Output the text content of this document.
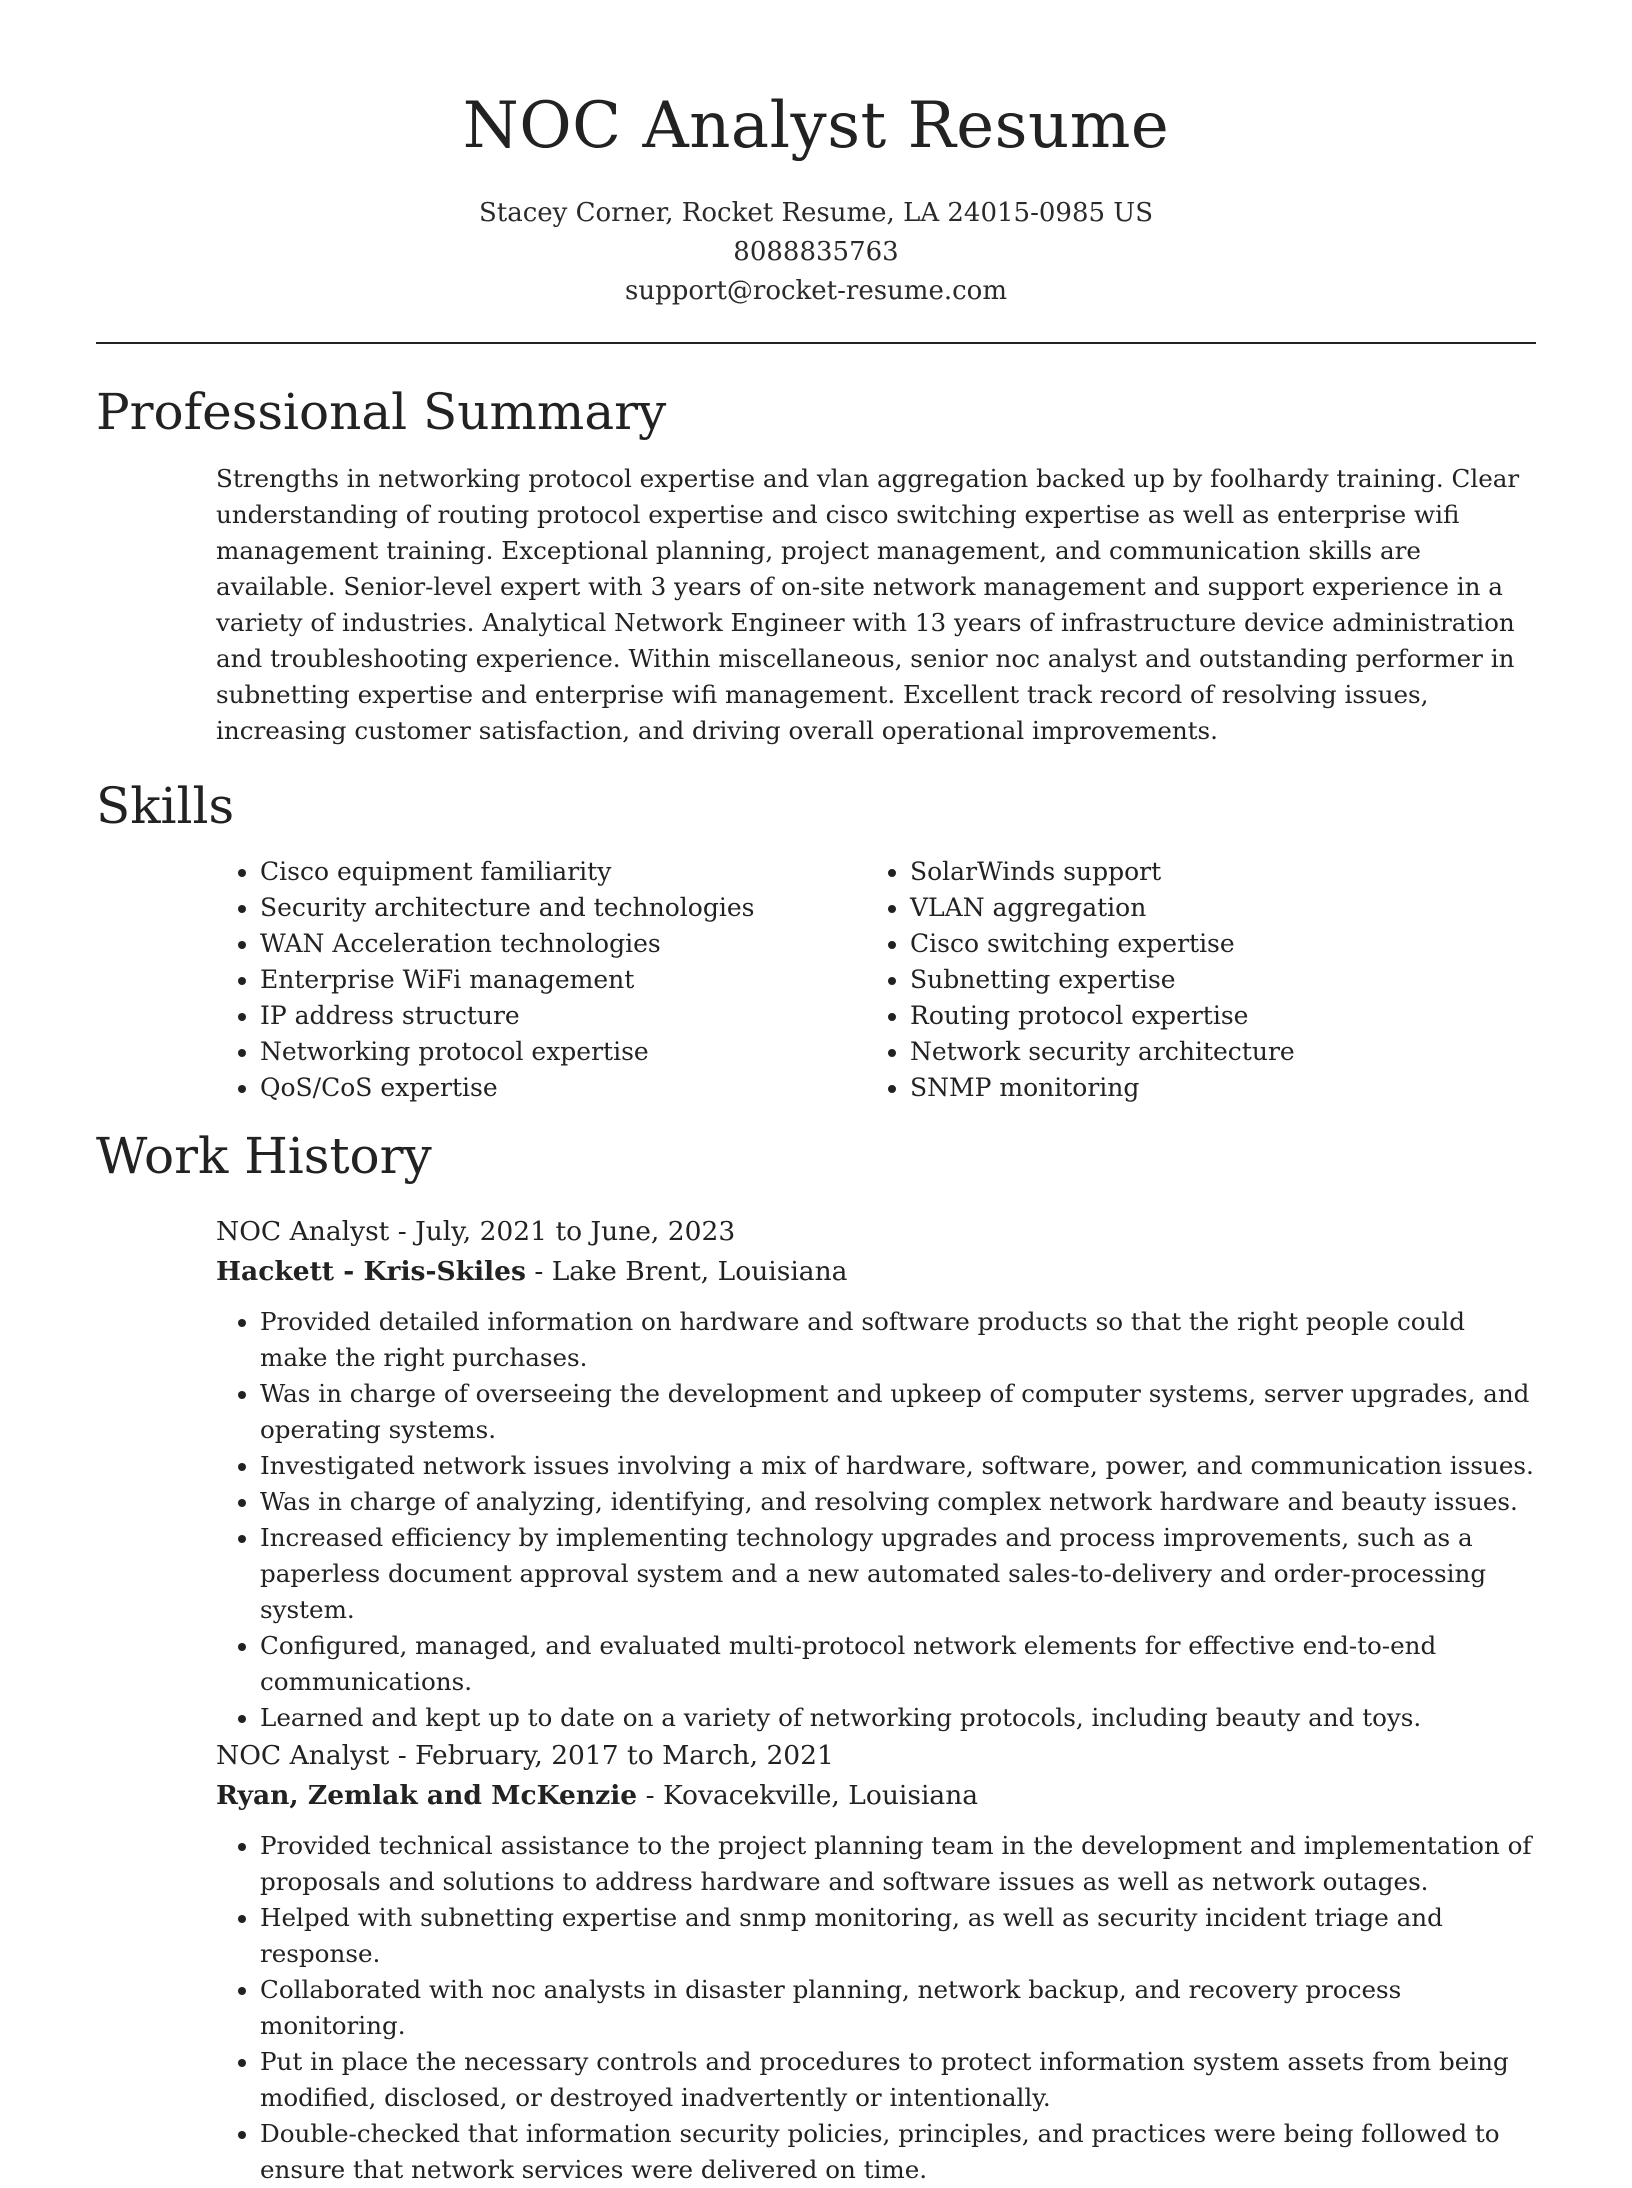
NOC Analyst Resume
Stacey Corner, Rocket Resume, LA 24015-0985 US
8088835763
support@rocket-resume.com
Professional Summary

Strengths in networking protocol expertise and vlan aggregation backed up by foolhardy training. Clear understanding of routing protocol expertise and cisco switching expertise as well as enterprise wifi management training. Exceptional planning, project management, and communication skills are available. Senior-level expert with 3 years of on-site network management and support experience in a variety of industries. Analytical Network Engineer with 13 years of infrastructure device administration and troubleshooting experience. Within miscellaneous, senior noc analyst and outstanding performer in subnetting expertise and enterprise wifi management. Excellent track record of resolving issues, increasing customer satisfaction, and driving overall operational improvements.

Skills
• Cisco equipment familiarity
• Security architecture and technologies
• WAN Acceleration technologies
• Enterprise WiFi management
• IP address structure
• Networking protocol expertise
• QoS/CoS expertise
• SolarWinds support
• VLAN aggregation
• Cisco switching expertise
• Subnetting expertise
• Routing protocol expertise
• Network security architecture
• SNMP monitoring
Work History
NOC Analyst - July, 2021 to June, 2023
Hackett - Kris-Skiles - Lake Brent, Louisiana
• Provided detailed information on hardware and software products so that the right people could make the right purchases.
• Was in charge of overseeing the development and upkeep of computer systems, server upgrades, and operating systems.
• Investigated network issues involving a mix of hardware, software, power, and communication issues.
• Was in charge of analyzing, identifying, and resolving complex network hardware and beauty issues.
• Increased efficiency by implementing technology upgrades and process improvements, such as a paperless document approval system and a new automated sales-to-delivery and order-processing system.
• Configured, managed, and evaluated multi-protocol network elements for effective end-to-end communications.
• Learned and kept up to date on a variety of networking protocols, including beauty and toys.
NOC Analyst - February, 2017 to March, 2021
Ryan, Zemlak and McKenzie - Kovacekville, Louisiana
• Provided technical assistance to the project planning team in the development and implementation of proposals and solutions to address hardware and software issues as well as network outages.
• Helped with subnetting expertise and snmp monitoring, as well as security incident triage and response.
• Collaborated with noc analysts in disaster planning, network backup, and recovery process monitoring.
• Put in place the necessary controls and procedures to protect information system assets from being modified, disclosed, or destroyed inadvertently or intentionally.
• Double-checked that information security policies, principles, and practices were being followed to ensure that network services were delivered on time.
